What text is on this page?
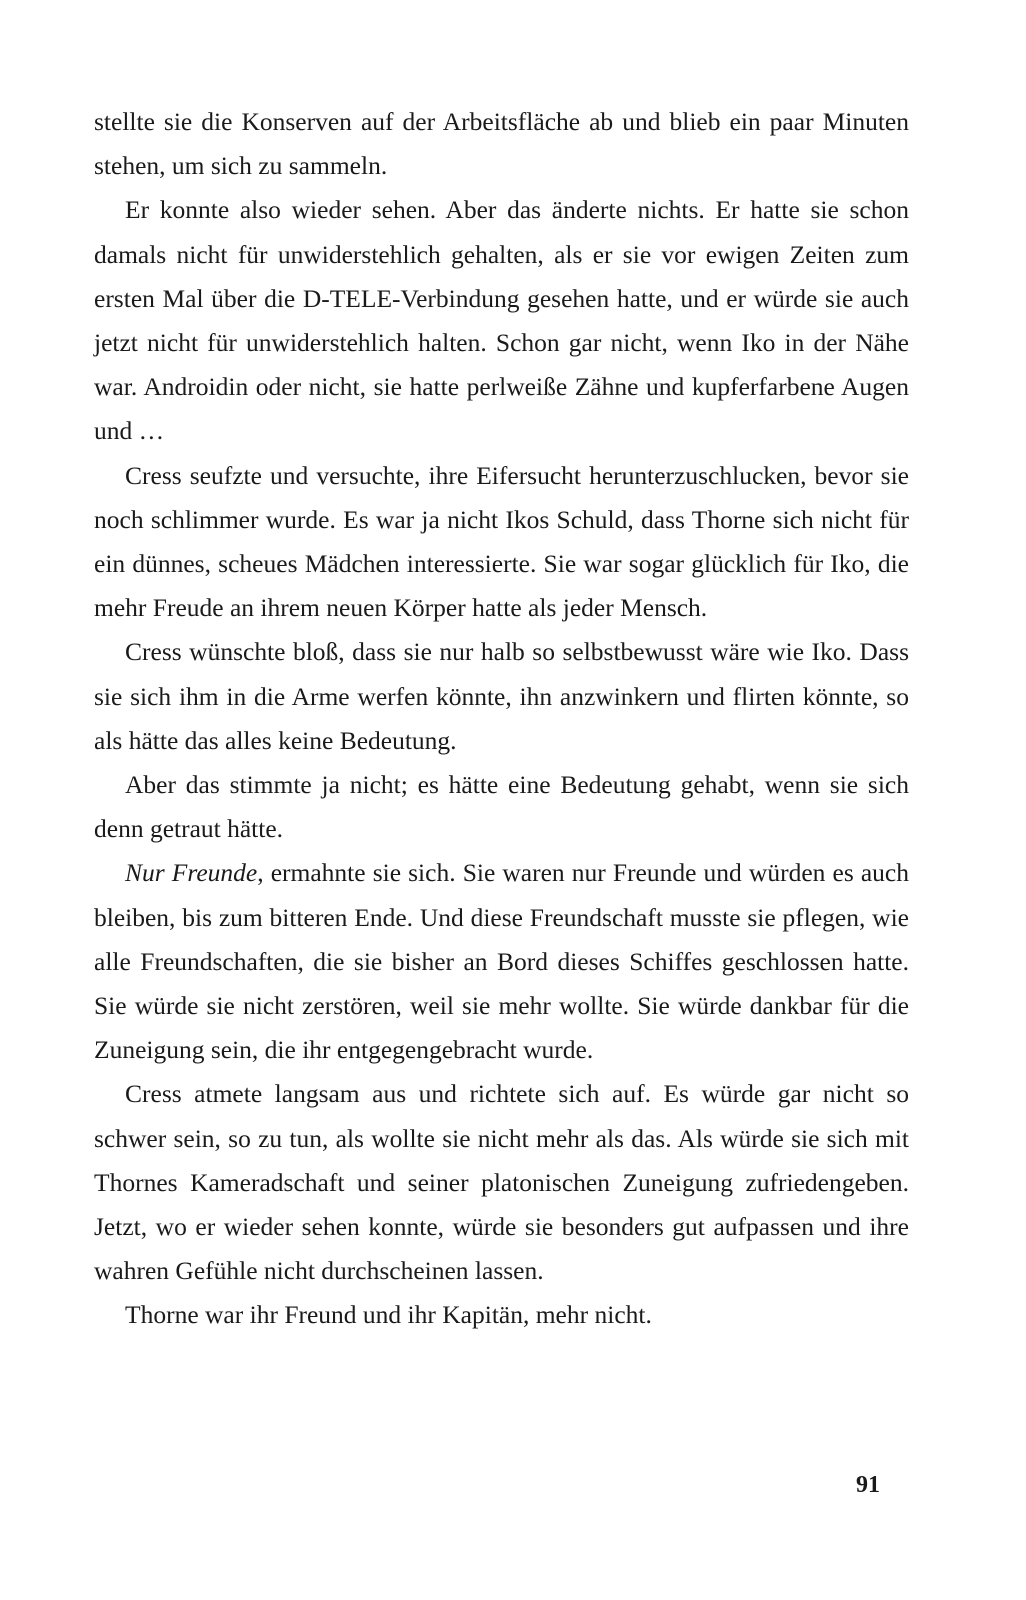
stellte sie die Konserven auf der Arbeitsfläche ab und blieb ein paar Minuten stehen, um sich zu sammeln.

Er konnte also wieder sehen. Aber das änderte nichts. Er hatte sie schon damals nicht für unwiderstehlich gehalten, als er sie vor ewigen Zeiten zum ersten Mal über die D-TELE-Verbindung gesehen hatte, und er würde sie auch jetzt nicht für unwiderstehlich halten. Schon gar nicht, wenn Iko in der Nähe war. Androidin oder nicht, sie hatte perlweiße Zähne und kupferfarbene Augen und …

Cress seufzte und versuchte, ihre Eifersucht herunterzuschlucken, bevor sie noch schlimmer wurde. Es war ja nicht Ikos Schuld, dass Thorne sich nicht für ein dünnes, scheues Mädchen interessierte. Sie war sogar glücklich für Iko, die mehr Freude an ihrem neuen Körper hatte als jeder Mensch.

Cress wünschte bloß, dass sie nur halb so selbstbewusst wäre wie Iko. Dass sie sich ihm in die Arme werfen könnte, ihn anzwinkern und flirten könnte, so als hätte das alles keine Bedeutung.

Aber das stimmte ja nicht; es hätte eine Bedeutung gehabt, wenn sie sich denn getraut hätte.

Nur Freunde, ermahnte sie sich. Sie waren nur Freunde und würden es auch bleiben, bis zum bitteren Ende. Und diese Freundschaft musste sie pflegen, wie alle Freundschaften, die sie bisher an Bord dieses Schiffes geschlossen hatte. Sie würde sie nicht zerstören, weil sie mehr wollte. Sie würde dankbar für die Zuneigung sein, die ihr entgegengebracht wurde.

Cress atmete langsam aus und richtete sich auf. Es würde gar nicht so schwer sein, so zu tun, als wollte sie nicht mehr als das. Als würde sie sich mit Thornes Kameradschaft und seiner platonischen Zuneigung zufriedengeben. Jetzt, wo er wieder sehen konnte, würde sie besonders gut aufpassen und ihre wahren Gefühle nicht durchscheinen lassen.

Thorne war ihr Freund und ihr Kapitän, mehr nicht.

91
